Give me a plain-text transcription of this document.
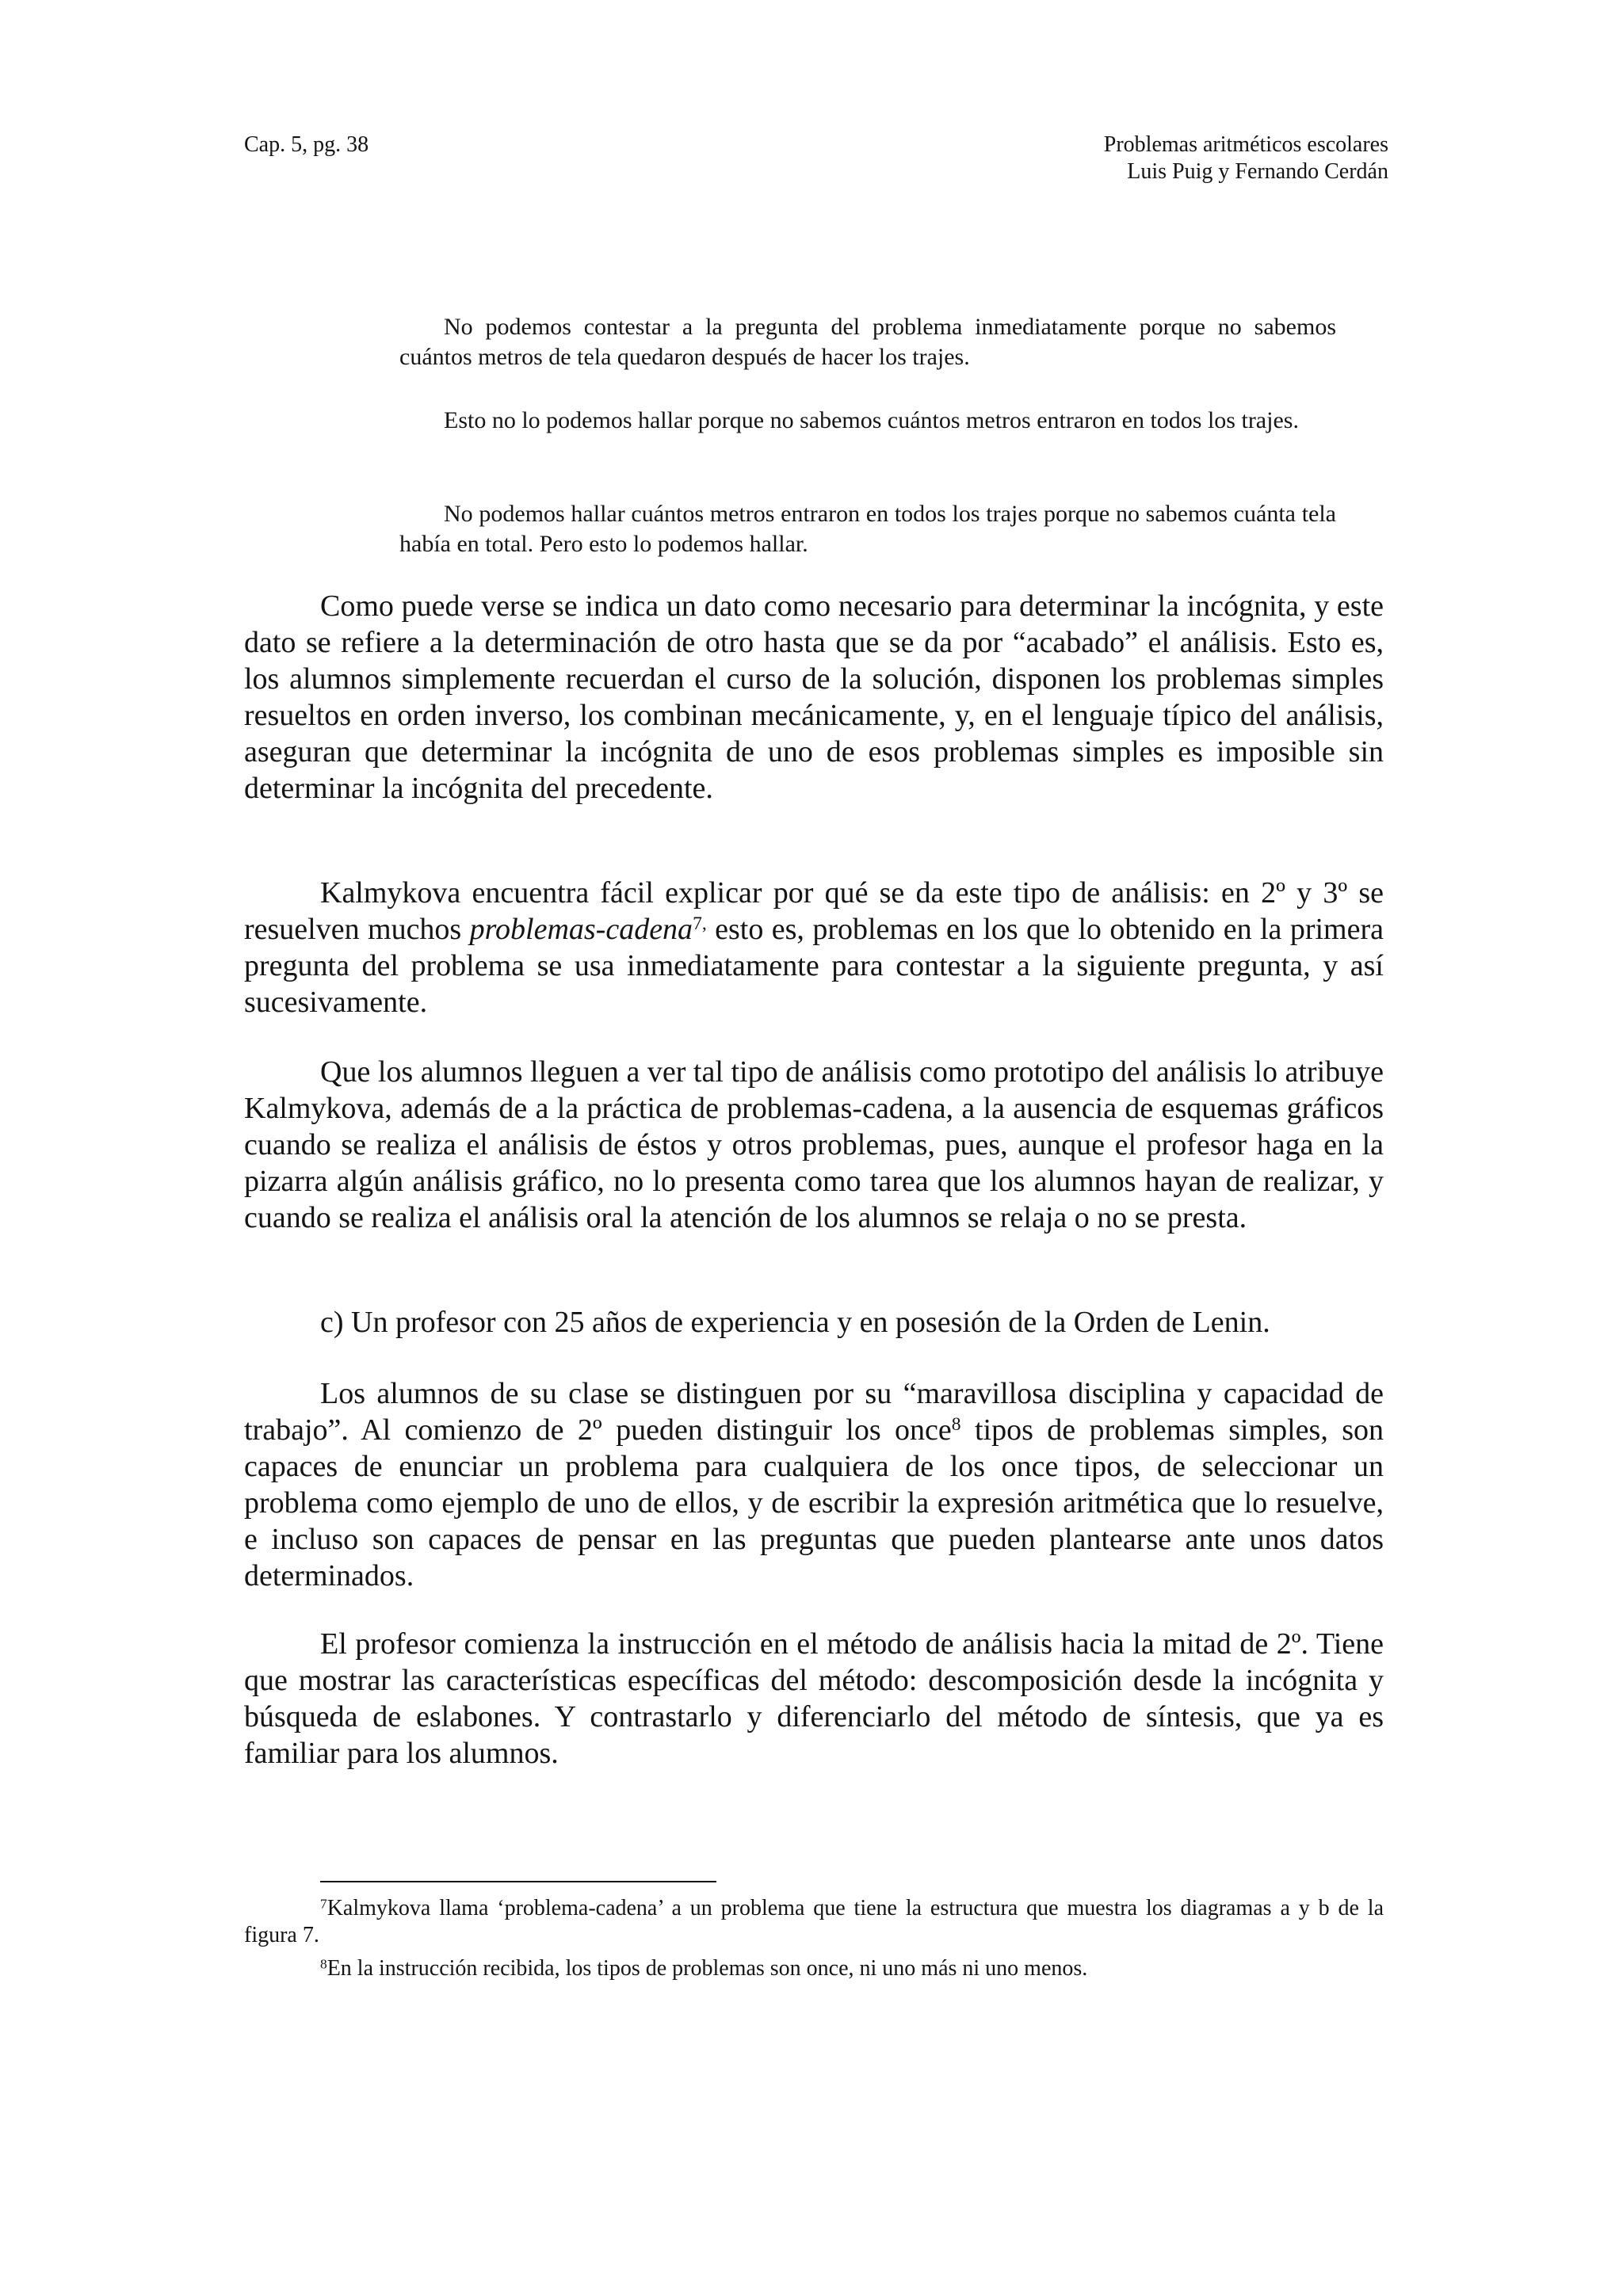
Cap. 5, pg. 38	Problemas aritméticos escolares
Luis Puig y Fernando Cerdán

No podemos contestar a la pregunta del problema inmediatamente porque no sabemos cuántos metros de tela quedaron después de hacer los trajes.

Esto no lo podemos hallar porque no sabemos cuántos metros entraron en todos los trajes.

No podemos hallar cuántos metros entraron en todos los trajes porque no sabemos cuánta tela había en total. Pero esto lo podemos hallar.

Como puede verse se indica un dato como necesario para determinar la incógnita, y este dato se refiere a la determinación de otro hasta que se da por “acabado” el análisis. Esto es, los alumnos simplemente recuerdan el curso de la solución, disponen los problemas simples resueltos en orden inverso, los combinan mecánicamente, y, en el lenguaje típico del análisis, aseguran que determinar la incógnita de uno de esos problemas simples es imposible sin determinar la incógnita del precedente.

Kalmykova encuentra fácil explicar por qué se da este tipo de análisis: en 2º y 3º se resuelven muchos problemas-cadena$^{7,}$ esto es, problemas en los que lo obtenido en la primera pregunta del problema se usa inmediatamente para contestar a la siguiente pregunta, y así sucesivamente.

Que los alumnos lleguen a ver tal tipo de análisis como prototipo del análisis lo atribuye Kalmykova, además de a la práctica de problemas-cadena, a la ausencia de esquemas gráficos cuando se realiza el análisis de éstos y otros problemas, pues, aunque el profesor haga en la pizarra algún análisis gráfico, no lo presenta como tarea que los alumnos hayan de realizar, y cuando se realiza el análisis oral la atención de los alumnos se relaja o no se presta.

c) Un profesor con 25 años de experiencia y en posesión de la Orden de Lenin.

Los alumnos de su clase se distinguen por su “maravillosa disciplina y capacidad de trabajo”. Al comienzo de 2º pueden distinguir los once$^8$ tipos de problemas simples, son capaces de enunciar un problema para cualquiera de los once tipos, de seleccionar un problema como ejemplo de uno de ellos, y de escribir la expresión aritmética que lo resuelve, e incluso son capaces de pensar en las preguntas que pueden plantearse ante unos datos determinados.

El profesor comienza la instrucción en el método de análisis hacia la mitad de 2º. Tiene que mostrar las características específicas del método: descomposición desde la incógnita y búsqueda de eslabones. Y contrastarlo y diferenciarlo del método de síntesis, que ya es familiar para los alumnos.

$^7$Kalmykova llama ‘problema-cadena’ a un problema que tiene la estructura que muestra los diagramas a y b de la figura 7.

$^8$En la instrucción recibida, los tipos de problemas son once, ni uno más ni uno menos.
